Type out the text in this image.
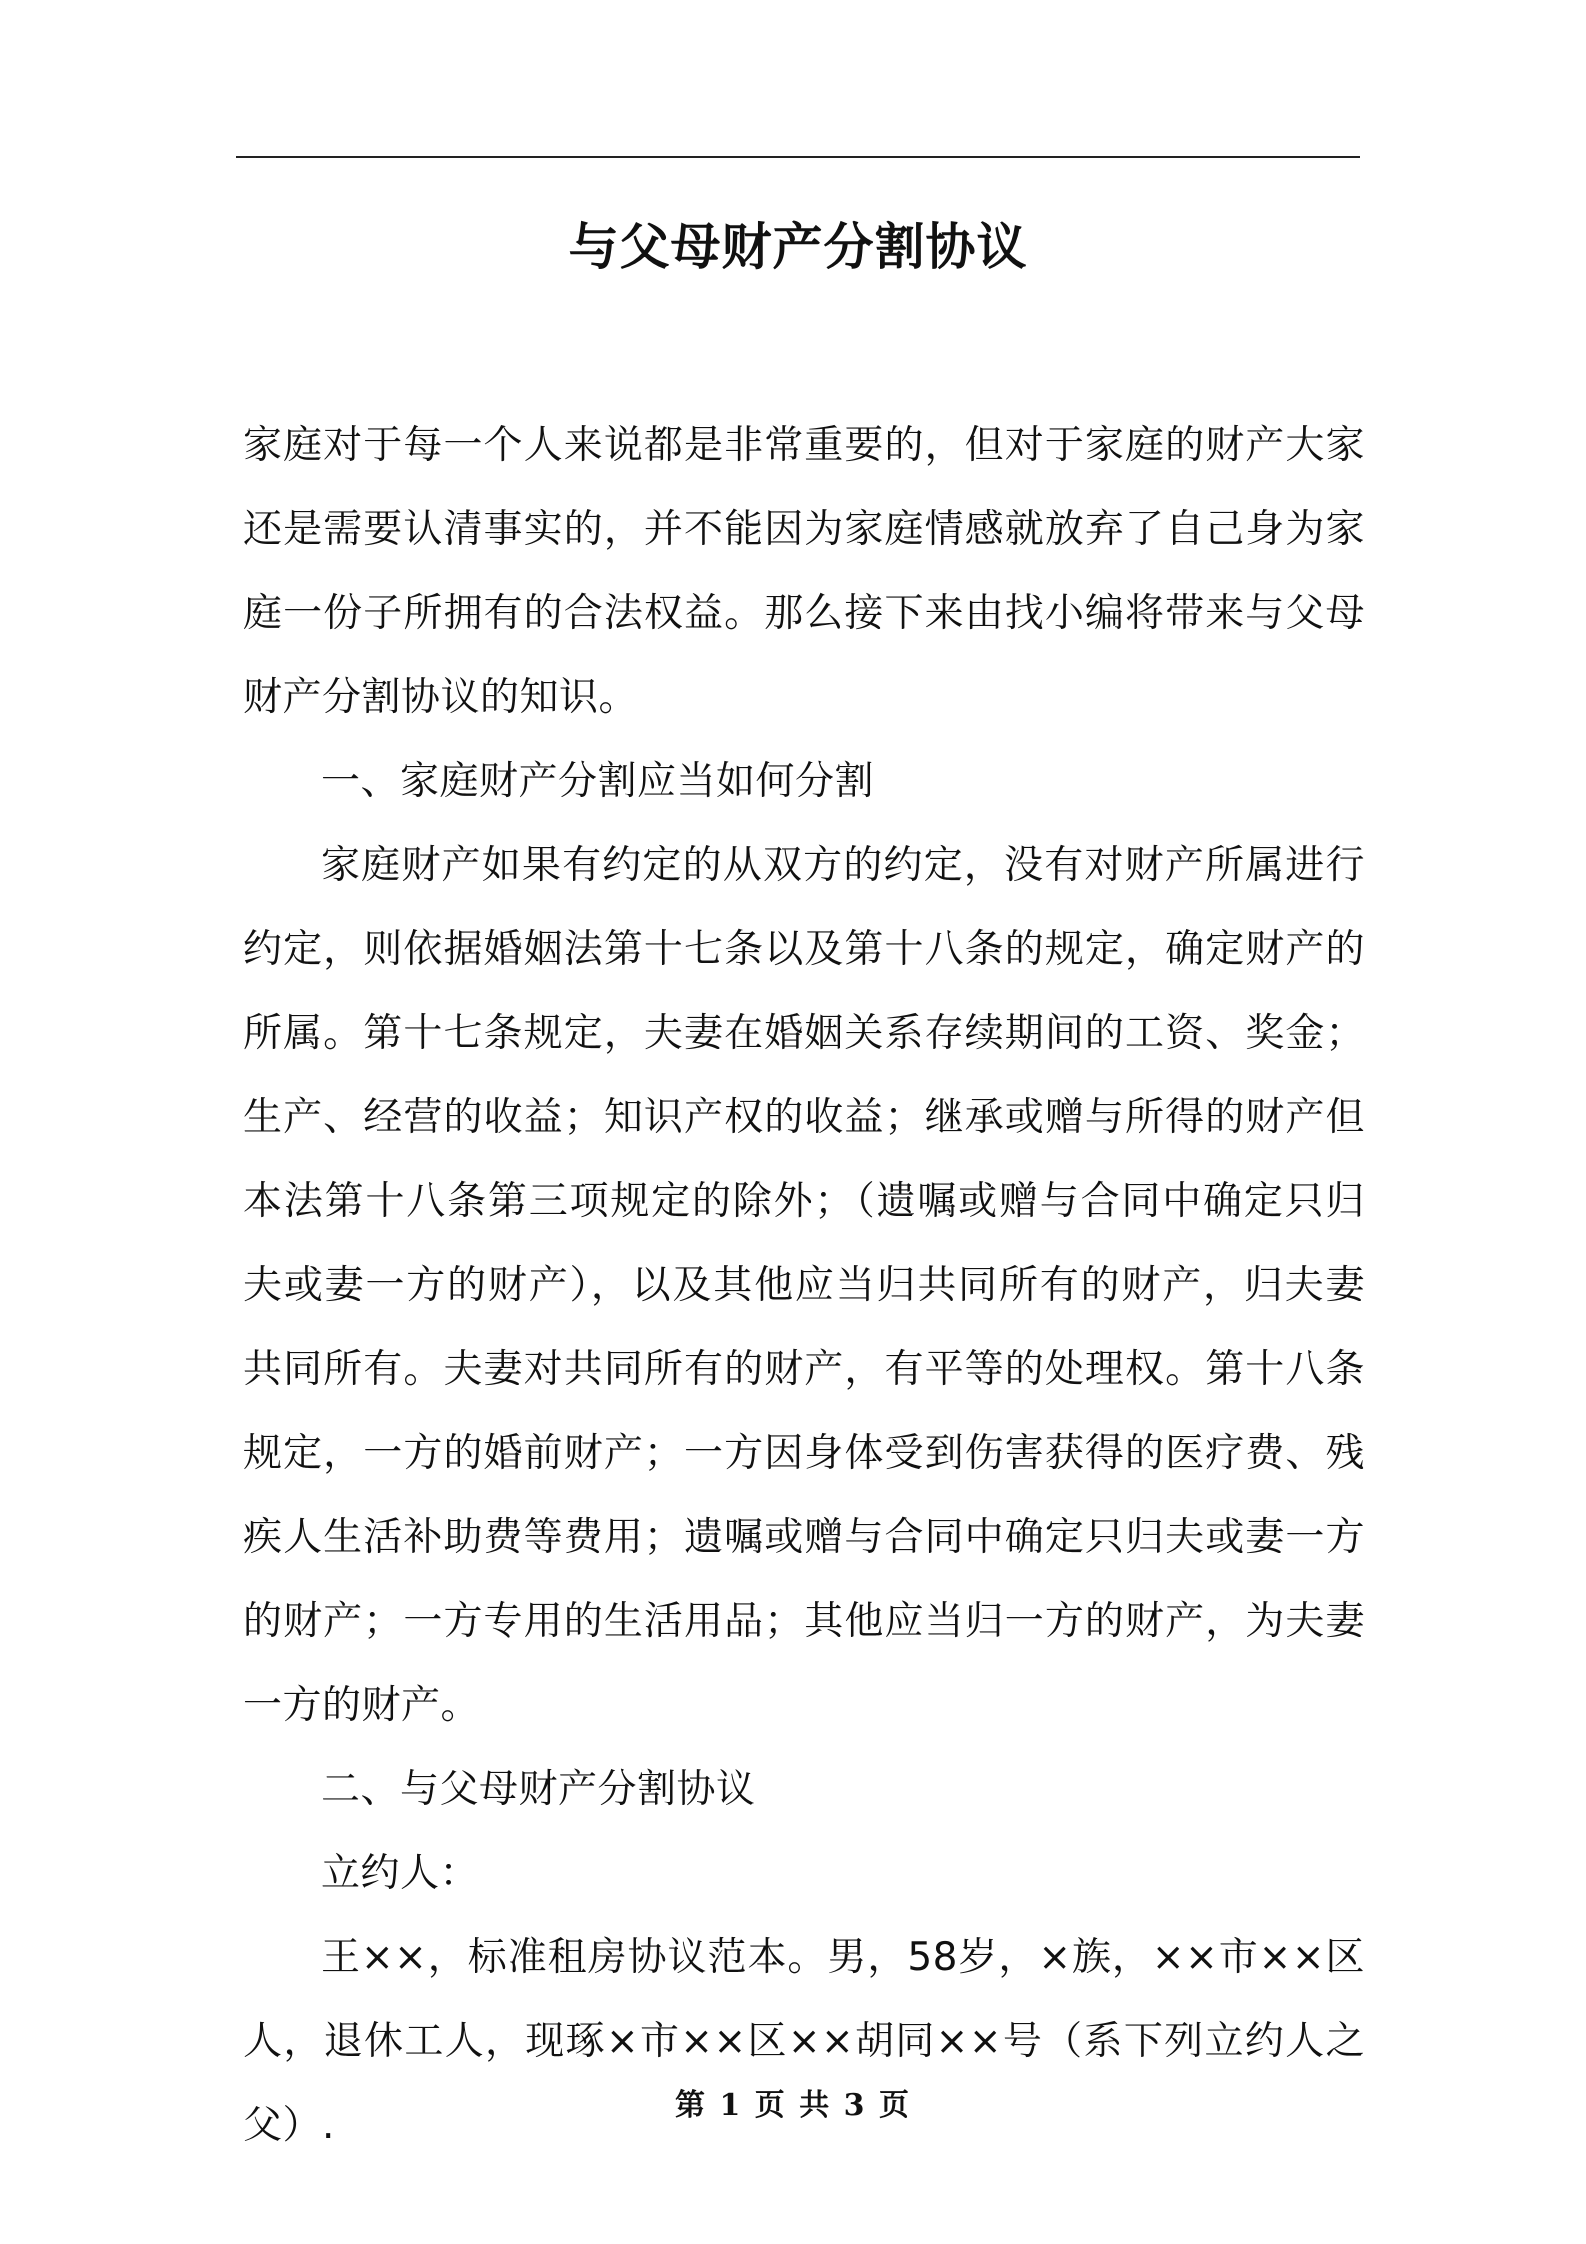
与父母财产分割协议

家庭对于每一个人来说都是非常重要的，但对于家庭的财产大家还是需要认清事实的，并不能因为家庭情感就放弃了自己身为家庭一份子所拥有的合法权益。那么接下来由找小编将带来与父母财产分割协议的知识。

一、家庭财产分割应当如何分割

家庭财产如果有约定的从双方的约定，没有对财产所属进行约定，则依据婚姻法第十七条以及第十八条的规定，确定财产的所属。第十七条规定，夫妻在婚姻关系存续期间的工资、奖金；生产、经营的收益；知识产权的收益；继承或赠与所得的财产但本法第十八条第三项规定的除外；（遗嘱或赠与合同中确定只归夫或妻一方的财产），以及其他应当归共同所有的财产，归夫妻共同所有。夫妻对共同所有的财产，有平等的处理权。第十八条规定，一方的婚前财产；一方因身体受到伤害获得的医疗费、残疾人生活补助费等费用；遗嘱或赠与合同中确定只归夫或妻一方的财产；一方专用的生活用品；其他应当归一方的财产，为夫妻一方的财产。

二、与父母财产分割协议

立约人：

王××，标准租房协议范本。男，58岁，×族，××市××区人，退休工人，现琢×市××区××胡同××号（系下列立约人之父）.	第 1 页 共 3 页
